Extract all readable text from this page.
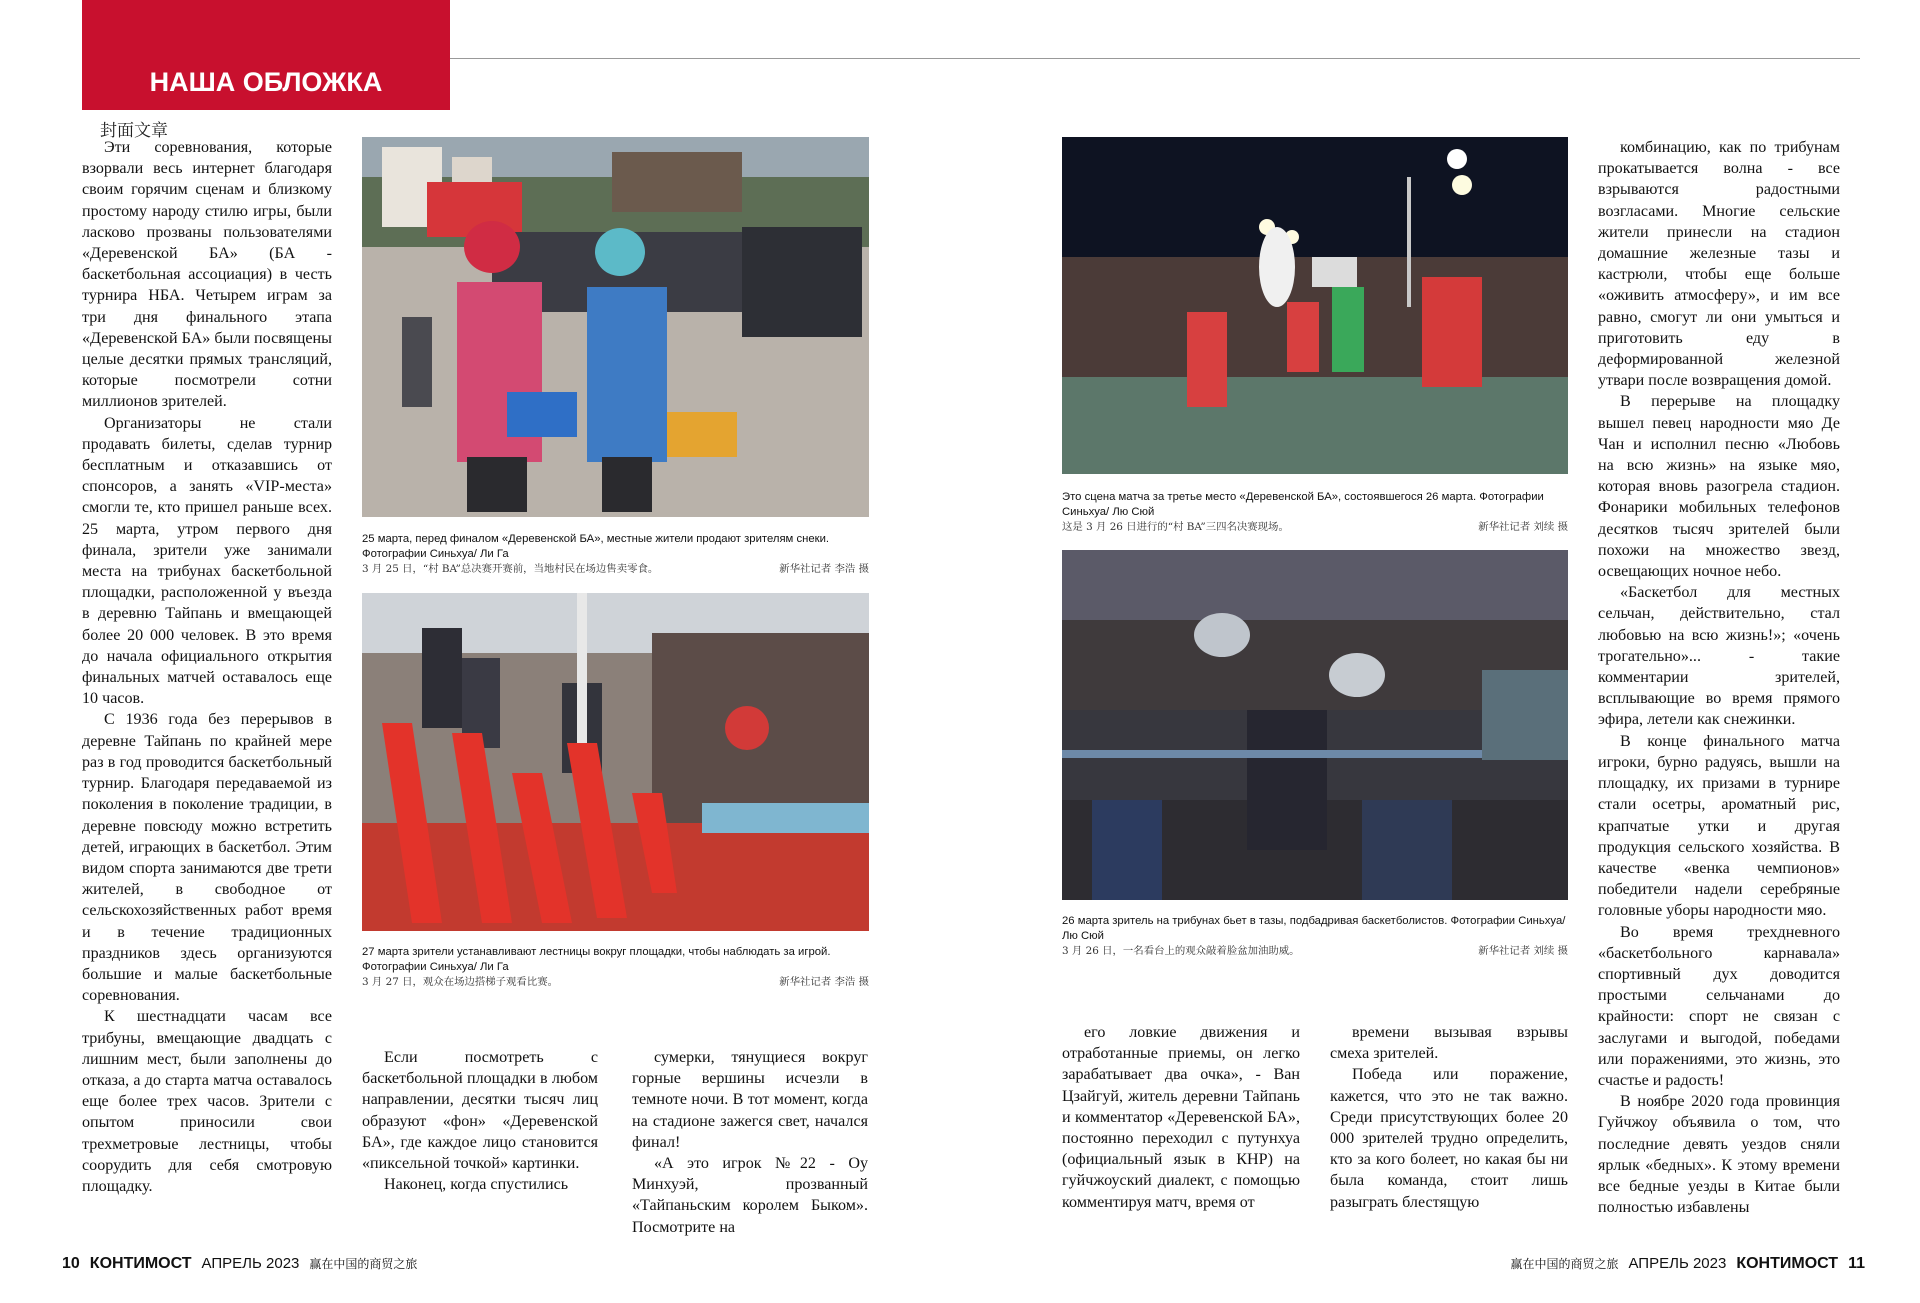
НАША ОБЛОЖКА
封面文章

Эти соревнования, которые взорвали весь интернет благодаря своим горячим сценам и близкому простому народу стилю игры, были ласково прозваны пользователями «Деревенской БА» (БА - баскетбольная ассоциация) в честь турнира НБА. Четырем играм за три дня финального этапа «Деревенской БА» были посвящены целые десятки прямых трансляций, которые посмотрели сотни миллионов зрителей.

Организаторы не стали продавать билеты, сделав турнир бесплатным и отказавшись от спонсоров, а занять «VIP-места» смогли те, кто пришел раньше всех. 25 марта, утром первого дня финала, зрители уже занимали места на трибунах баскетбольной площадки, расположенной у въезда в деревню Тайпань и вмещающей более 20 000 человек. В это время до начала официального открытия финальных матчей оставалось еще 10 часов.

С 1936 года без перерывов в деревне Тайпань по крайней мере раз в год проводится баскетбольный турнир. Благодаря передаваемой из поколения в поколение традиции, в деревне повсюду можно встретить детей, играющих в баскетбол. Этим видом спорта занимаются две трети жителей, в свободное от сельскохозяйственных работ время и в течение традиционных праздников здесь организуются большие и малые баскетбольные соревнования.

К шестнадцати часам все трибуны, вмещающие двадцать с лишним мест, были заполнены до отказа, а до старта матча оставалось еще более трех часов. Зрители с опытом приносили свои трехметровые лестницы, чтобы соорудить для себя смотровую площадку.

25 марта, перед финалом «Деревенской БА», местные жители продают зрителям снеки. Фотографии Синьхуа/ Ли Га
3 月 25 日，“村 BA”总决赛开赛前，当地村民在场边售卖零食。	新华社记者 李浩 摄
27 марта зрители устанавливают лестницы вокруг площадки, чтобы наблюдать за игрой. Фотографии Синьхуа/ Ли Га
3 月 27 日，观众在场边搭梯子观看比赛。	新华社记者 李浩 摄

Если посмотреть с баскетбольной площадки в любом направлении, десятки тысяч лиц образуют «фон» «Деревенской БА», где каждое лицо становится «пиксельной точкой» картинки.

Наконец, когда спустились

сумерки, тянущиеся вокруг горные вершины исчезли в темноте ночи. В тот момент, когда на стадионе зажегся свет, начался финал!

«А это игрок №22 - Оу Минхуэй, прозванный «Тайпаньским королем Быком». Посмотрите на

10 КОНТИМОСТ АПРЕЛЬ 2023 赢在中国的商贸之旅
Это сцена матча за третье место «Деревенской БА», состоявшегося 26 марта. Фотографии Синьхуа/ Лю Сюй
这是 3 月 26 日进行的“村 BA”三四名决赛现场。	新华社记者 刘续 摄
26 марта зритель на трибунах бьет в тазы, подбадривая баскетболистов. Фотографии Синьхуа/ Лю Сюй
3 月 26 日，一名看台上的观众敲着脸盆加油助威。	新华社记者 刘续 摄

его ловкие движения и отработанные приемы, он легко зарабатывает два очка», - Ван Цзайгуй, житель деревни Тайпань и комментатор «Деревенской БА», постоянно переходил с путунхуа (официальный язык в КНР) на гуйчжоуский диалект, с помощью комментируя матч, время от

времени вызывая взрывы смеха зрителей.

Победа или поражение, кажется, что это не так важно. Среди присутствующих более 20 000 зрителей трудно определить, кто за кого болеет, но какая бы ни была команда, стоит лишь разыграть блестящую

комбинацию, как по трибунам прокатывается волна - все взрываются радостными возгласами. Многие сельские жители принесли на стадион домашние железные тазы и кастрюли, чтобы еще больше «оживить атмосферу», и им все равно, смогут ли они умыться и приготовить еду в деформированной железной утвари после возвращения домой.

В перерыве на площадку вышел певец народности мяо Де Чан и исполнил песню «Любовь на всю жизнь» на языке мяо, которая вновь разогрела стадион. Фонарики мобильных телефонов десятков тысяч зрителей были похожи на множество звезд, освещающих ночное небо.

«Баскетбол для местных сельчан, действительно, стал любовью на всю жизнь!»; «очень трогательно»... - такие комментарии зрителей, всплывающие во время прямого эфира, летели как снежинки.

В конце финального матча игроки, бурно радуясь, вышли на площадку, их призами в турнире стали осетры, ароматный рис, крапчатые утки и другая продукция сельского хозяйства. В качестве «венка чемпионов» победители надели серебряные головные уборы народности мяо.

Во время трехдневного «баскетбольного карнавала» спортивный дух доводится простыми сельчанами до крайности: спорт не связан с заслугами и выгодой, победами или поражениями, это жизнь, это счастье и радость!

В ноябре 2020 года провинция Гуйчжоу объявила о том, что последние девять уездов сняли ярлык «бедных». К этому времени все бедные уезды в Китае были полностью избавлены

赢在中国的商贸之旅 АПРЕЛЬ 2023 КОНТИМОСТ 11
